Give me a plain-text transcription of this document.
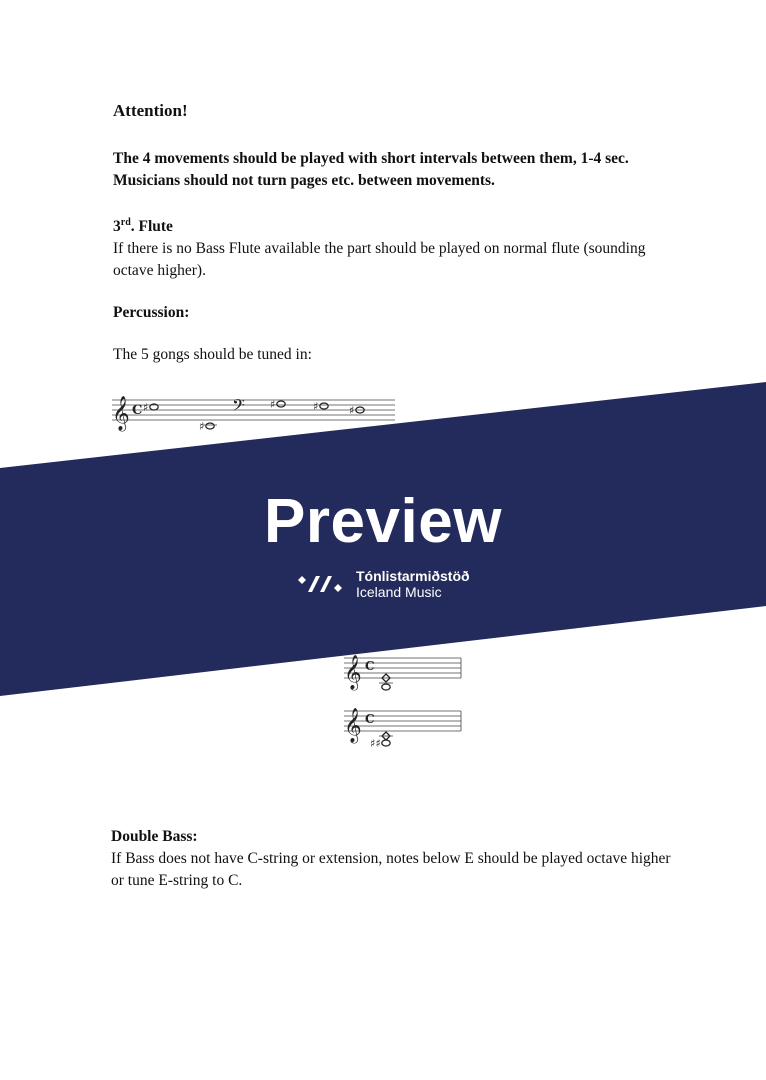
Attention!
The 4 movements should be played with short intervals between them, 1-4 sec.
Musicians should not turn pages etc. between movements.
3rd. Flute
If there is no Bass Flute available the part should be played on normal flute (sounding octave higher).
Percussion:
The 5 gongs should be tuned in:
𝄞 C ♯
♯
𝄢 ♯	♯	♯
𝄞 C
𝄞 C
♯♯
Double Bass:
If Bass does not have C-string or extension, notes below E should be played octave higher or tune E-string to C.
Preview
Tónlistarmiðstöð
Iceland Music
